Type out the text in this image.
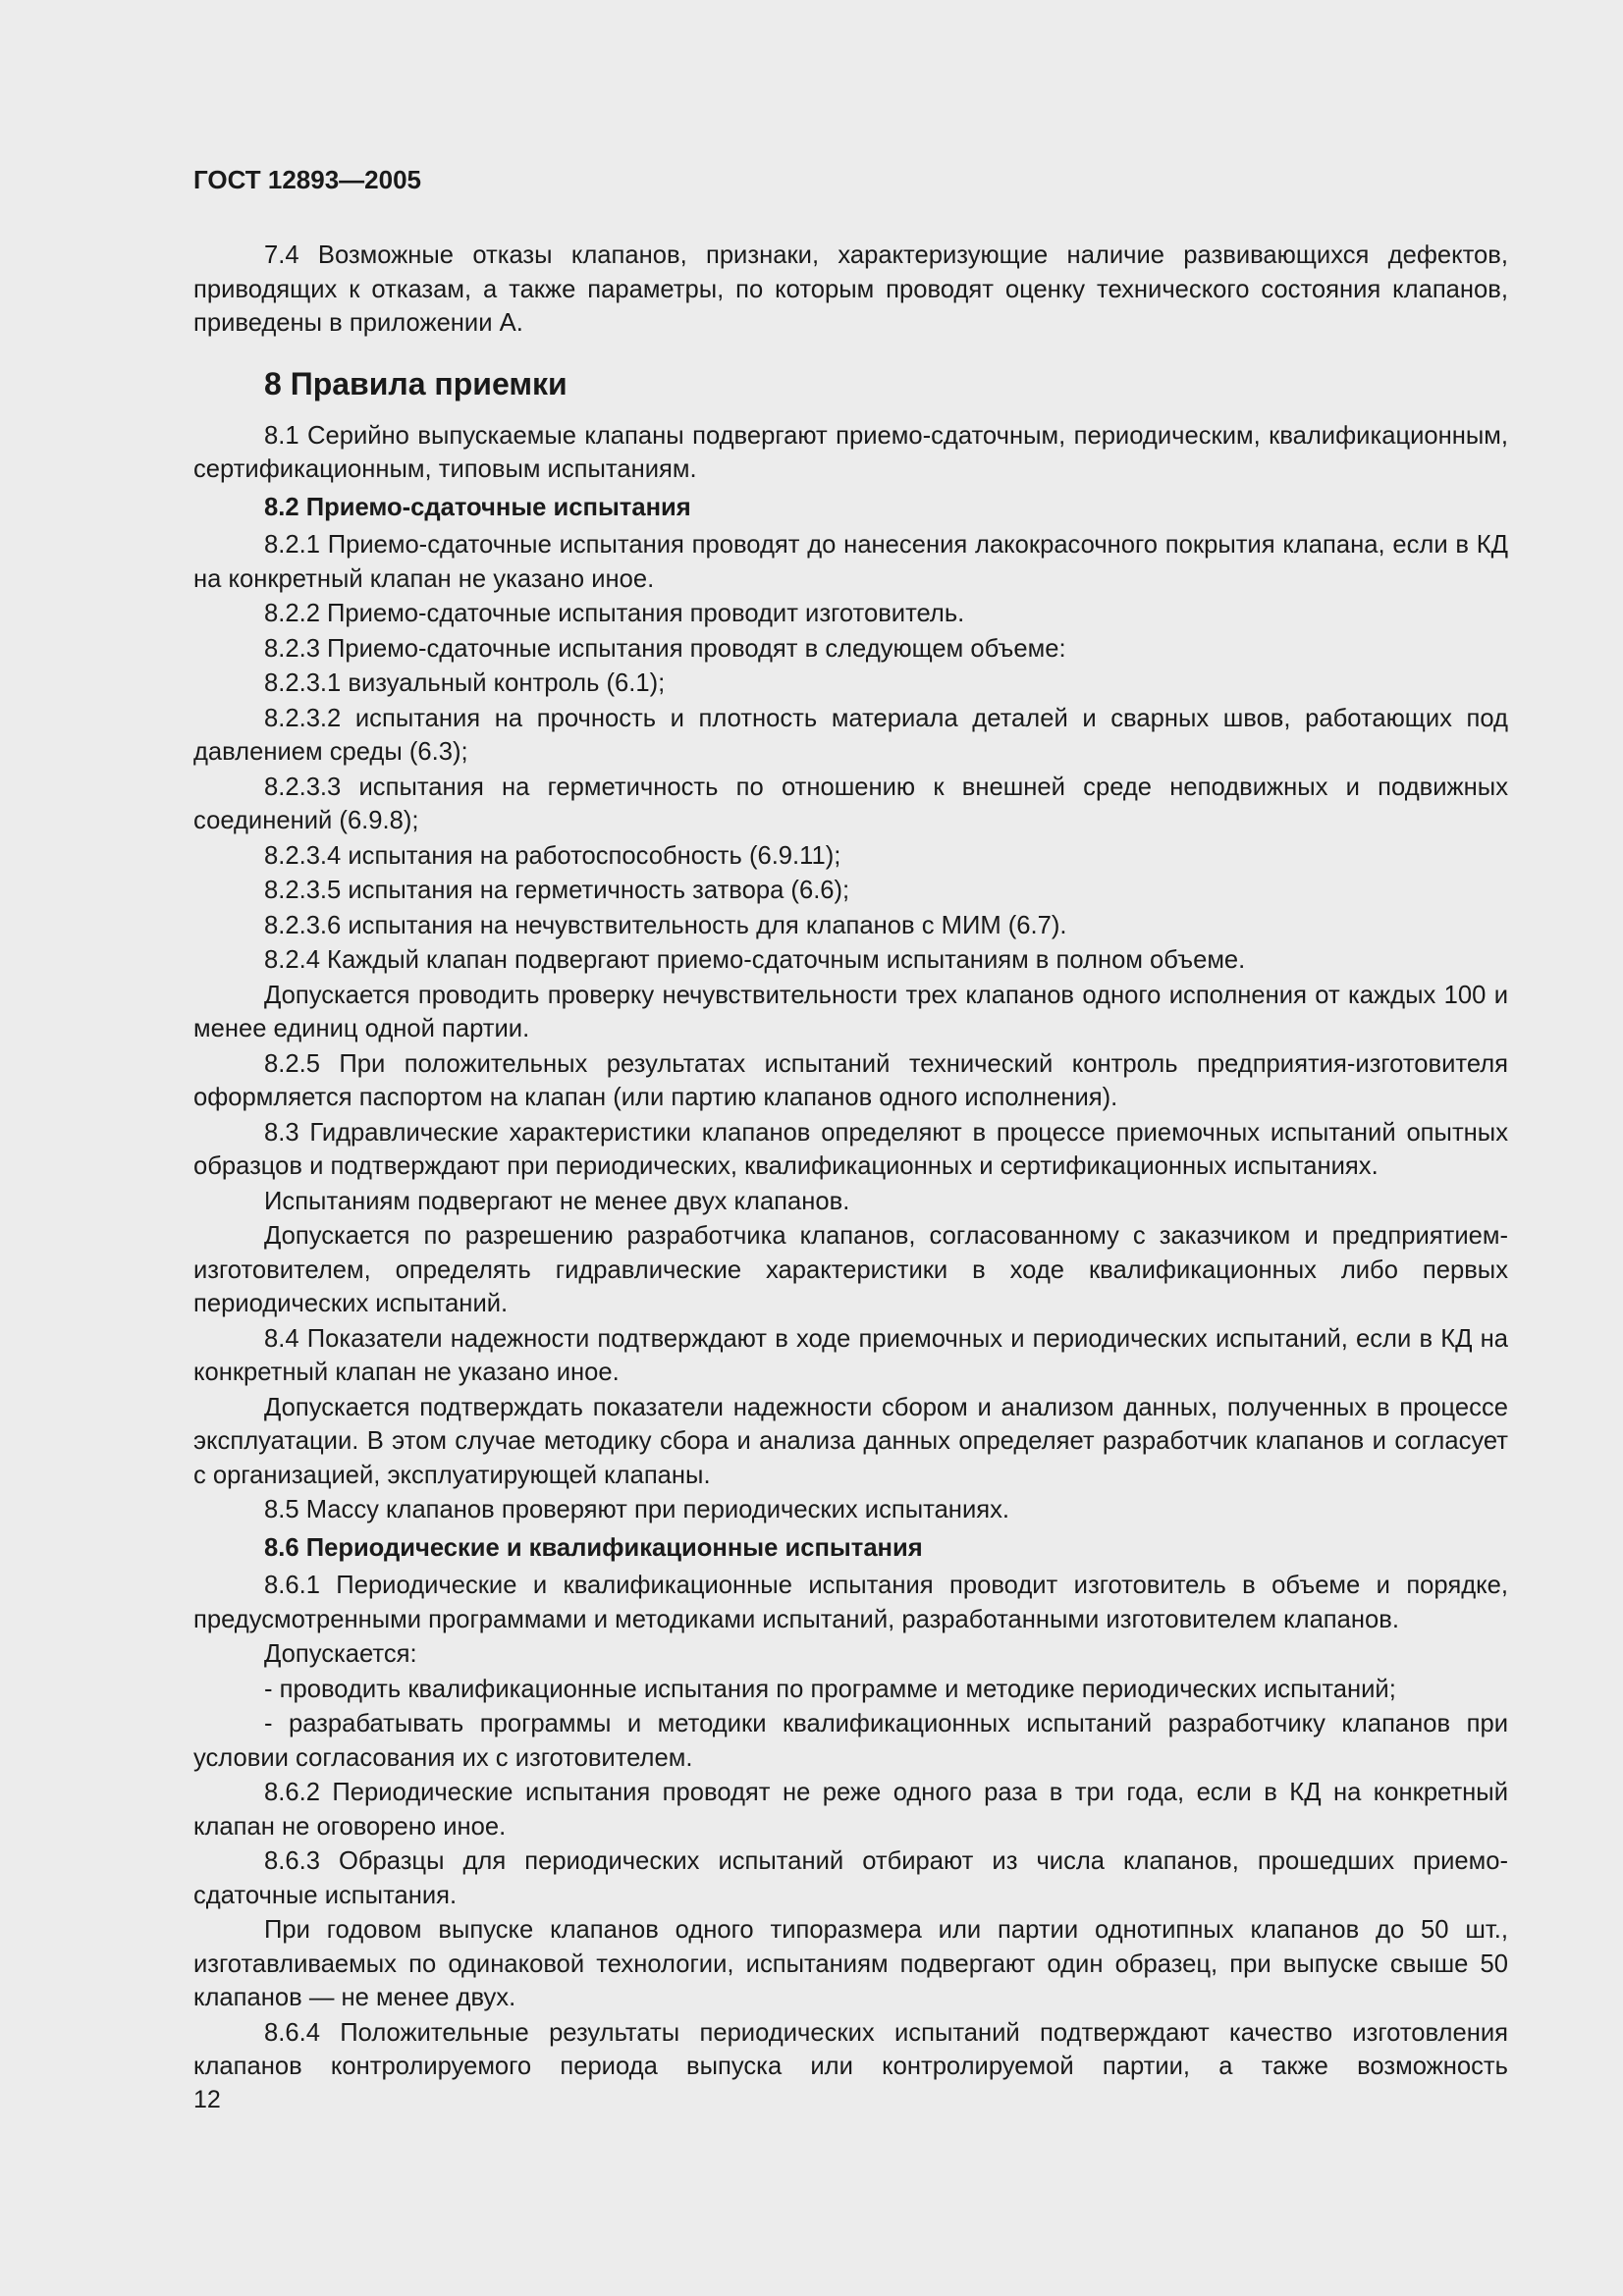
ГОСТ 12893—2005

7.4 Возможные отказы клапанов, признаки, характеризующие наличие развивающихся дефектов, приводящих к отказам, а также параметры, по которым проводят оценку технического состояния клапанов, приведены в приложении А.

8 Правила приемки

8.1 Серийно выпускаемые клапаны подвергают приемо-сдаточным, периодическим, квалификационным, сертификационным, типовым испытаниям.

8.2 Приемо-сдаточные испытания

8.2.1 Приемо-сдаточные испытания проводят до нанесения лакокрасочного покрытия клапана, если в КД на конкретный клапан не указано иное.

8.2.2 Приемо-сдаточные испытания проводит изготовитель.

8.2.3 Приемо-сдаточные испытания проводят в следующем объеме:

8.2.3.1 визуальный контроль (6.1);

8.2.3.2 испытания на прочность и плотность материала деталей и сварных швов, работающих под давлением среды (6.3);

8.2.3.3 испытания на герметичность по отношению к внешней среде неподвижных и подвижных соединений (6.9.8);

8.2.3.4 испытания на работоспособность (6.9.11);

8.2.3.5 испытания на герметичность затвора (6.6);

8.2.3.6 испытания на нечувствительность для клапанов с МИМ (6.7).

8.2.4 Каждый клапан подвергают приемо-сдаточным испытаниям в полном объеме.

Допускается проводить проверку нечувствительности трех клапанов одного исполнения от каждых 100 и менее единиц одной партии.

8.2.5 При положительных результатах испытаний технический контроль предприятия-изготовителя оформляется паспортом на клапан (или партию клапанов одного исполнения).

8.3 Гидравлические характеристики клапанов определяют в процессе приемочных испытаний опытных образцов и подтверждают при периодических, квалификационных и сертификационных испытаниях.

Испытаниям подвергают не менее двух клапанов.

Допускается по разрешению разработчика клапанов, согласованному с заказчиком и предприятием-изготовителем, определять гидравлические характеристики в ходе квалификационных либо первых периодических испытаний.

8.4 Показатели надежности подтверждают в ходе приемочных и периодических испытаний, если в КД на конкретный клапан не указано иное.

Допускается подтверждать показатели надежности сбором и анализом данных, полученных в процессе эксплуатации. В этом случае методику сбора и анализа данных определяет разработчик клапанов и согласует с организацией, эксплуатирующей клапаны.

8.5 Массу клапанов проверяют при периодических испытаниях.

8.6 Периодические и квалификационные испытания

8.6.1 Периодические и квалификационные испытания проводит изготовитель в объеме и порядке, предусмотренными программами и методиками испытаний, разработанными изготовителем клапанов.

Допускается:

- проводить квалификационные испытания по программе и методике периодических испытаний;

- разрабатывать программы и методики квалификационных испытаний разработчику клапанов при условии согласования их с изготовителем.

8.6.2 Периодические испытания проводят не реже одного раза в три года, если в КД на конкретный клапан не оговорено иное.

8.6.3 Образцы для периодических испытаний отбирают из числа клапанов, прошедших приемо-сдаточные испытания.

При годовом выпуске клапанов одного типоразмера или партии однотипных клапанов до 50 шт., изготавливаемых по одинаковой технологии, испытаниям подвергают один образец, при выпуске свыше 50 клапанов — не менее двух.

8.6.4 Положительные результаты периодических испытаний подтверждают качество изготовления клапанов контролируемого периода выпуска или контролируемой партии, а также возможность

12
